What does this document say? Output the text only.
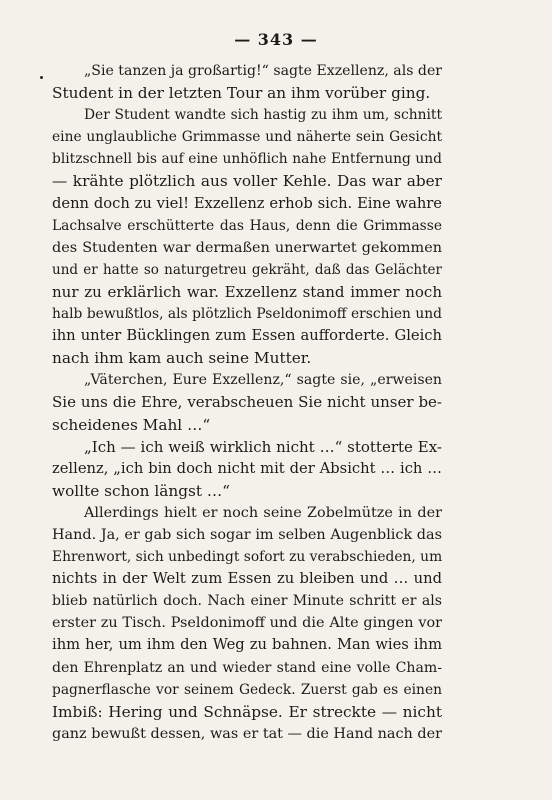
— 343 —
„Sie tanzen ja großartig!“ sagte Exzellenz, als der
Student in der letzten Tour an ihm vorüber ging.
Der Student wandte sich hastig zu ihm um, schnitt
eine unglaubliche Grimmasse und näherte sein Gesicht
blitzschnell bis auf eine unhöflich nahe Entfernung und
— krähte plötzlich aus voller Kehle. Das war aber
denn doch zu viel! Exzellenz erhob sich. Eine wahre
Lachsalve erschütterte das Haus, denn die Grimmasse
des Studenten war dermaßen unerwartet gekommen
und er hatte so naturgetreu gekräht, daß das Gelächter
nur zu erklärlich war. Exzellenz stand immer noch
halb bewußtlos, als plötzlich Pseldonimoff erschien und
ihn unter Bücklingen zum Essen aufforderte. Gleich
nach ihm kam auch seine Mutter.
„Väterchen, Eure Exzellenz,“ sagte sie, „erweisen
Sie uns die Ehre, verabscheuen Sie nicht unser be-
scheidenes Mahl …“
„Ich — ich weiß wirklich nicht …“ stotterte Ex-
zellenz, „ich bin doch nicht mit der Absicht … ich …
wollte schon längst …“
Allerdings hielt er noch seine Zobelmütze in der
Hand. Ja, er gab sich sogar im selben Augenblick das
Ehrenwort, sich unbedingt sofort zu verabschieden, um
nichts in der Welt zum Essen zu bleiben und … und
blieb natürlich doch. Nach einer Minute schritt er als
erster zu Tisch. Pseldonimoff und die Alte gingen vor
ihm her, um ihm den Weg zu bahnen. Man wies ihm
den Ehrenplatz an und wieder stand eine volle Cham-
pagnerflasche vor seinem Gedeck. Zuerst gab es einen
Imbiß: Hering und Schnäpse. Er streckte — nicht
ganz bewußt dessen, was er tat — die Hand nach der
